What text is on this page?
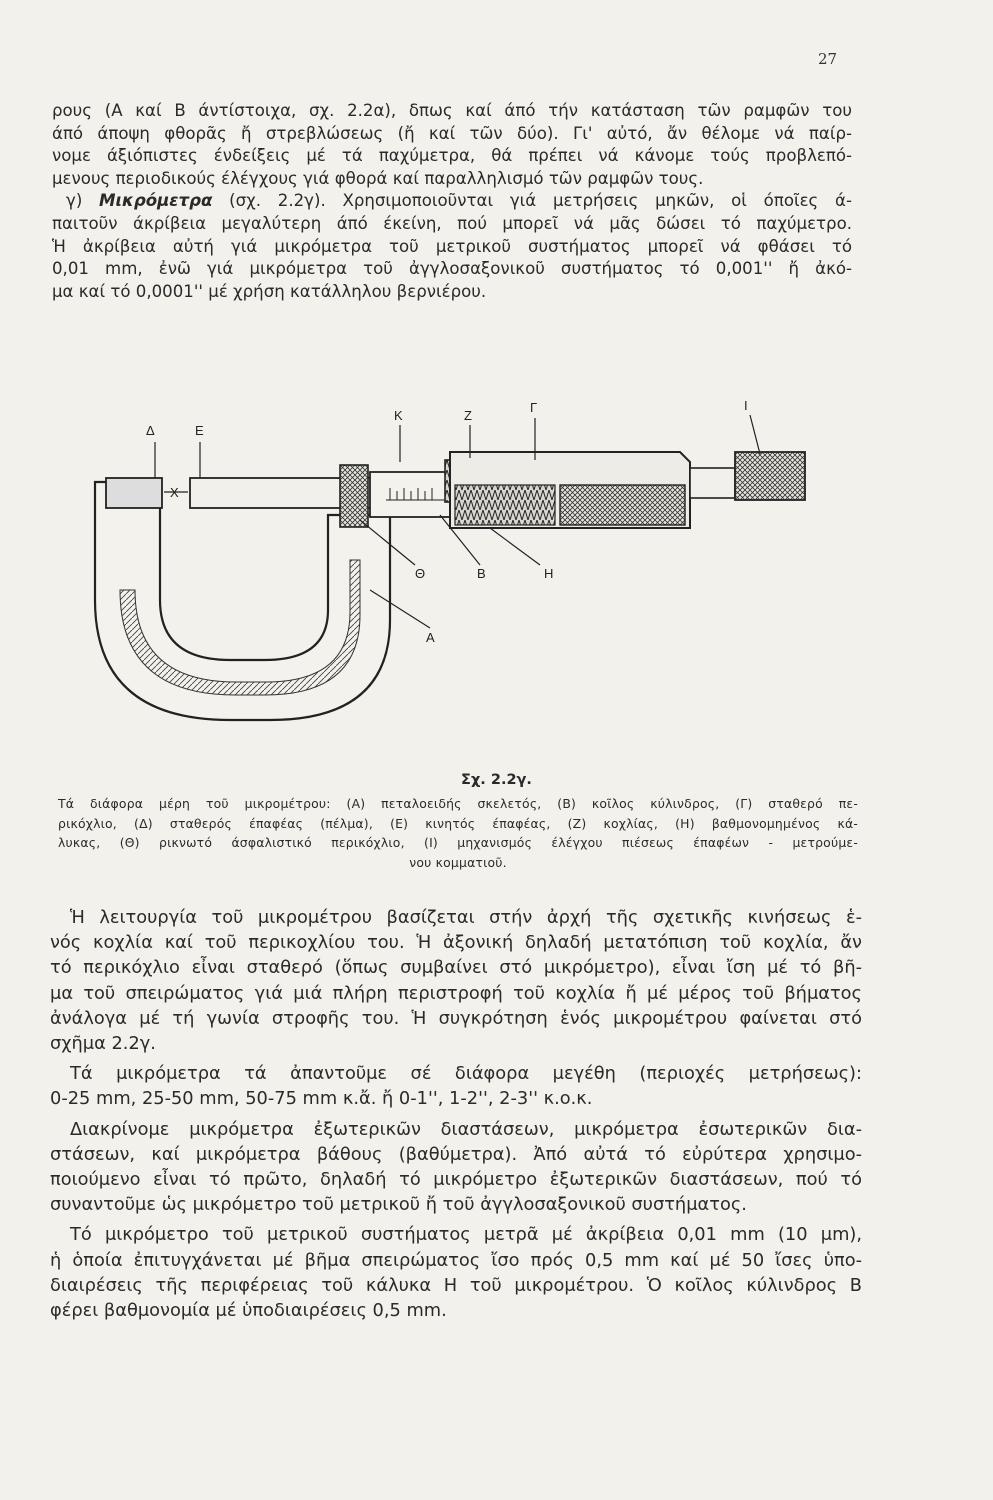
27
ρους (Α καί Β άντίστοιχα, σχ. 2.2α), δπως καί άπό τήν κατάσταση τῶν ραμφῶν του
άπό άποψη φθορᾶς ἤ στρεβλώσεως (ἤ καί τῶν δύο). Γι' αὐτό, ἄν θέλομε νά παίρ-
νομε άξιόπιστες ένδείξεις μέ τά παχύμετρα, θά πρέπει νά κάνομε τούς προβλεπό-
μενους περιοδικούς έλέγχους γιά φθορά καί παραλληλισμό τῶν ραμφῶν τους.
γ) Μικρόμετρα (σχ. 2.2γ). Χρησιμοποιοῦνται γιά μετρήσεις μηκῶν, οἱ όποῖες ά-
παιτοῦν άκρίβεια μεγαλύτερη άπό έκείνη, πού μπορεῖ νά μᾶς δώσει τό παχύμετρο.
Ἡ ἀκρίβεια αὐτή γιά μικρόμετρα τοῦ μετρικοῦ συστήματος μπορεῖ νά φθάσει τό
0,01 mm, ἐνῶ γιά μικρόμετρα τοῦ ἀγγλοσαξονικοῦ συστήματος τό 0,001'' ἤ ἀκό-
μα καί τό 0,0001'' μέ χρήση κατάλληλου βερνιέρου.
Δ	Ε
Χ
Κ	Ζ
Γ	Ι
Θ	Β	Η
Α

Σχ. 2.2γ.

Τά διάφορα μέρη τοῦ μικρομέτρου: (Α) πεταλοειδής σκελετός, (Β) κοῖλος κύλινδρος, (Γ) σταθερό πε-
ρικόχλιο, (Δ) σταθερός έπαφέας (πέλμα), (Ε) κινητός έπαφέας, (Ζ) κοχλίας, (Η) βαθμονομημένος κά-
λυκας, (Θ) ρικνωτό άσφαλιστικό περικόχλιο, (Ι) μηχανισμός έλέγχου πιέσεως έπαφέων - μετρούμε-
νου κομματιοῦ.
Ἡ λειτουργία τοῦ μικρομέτρου βασίζεται στήν ἀρχή τῆς σχετικῆς κινήσεως ἑ-
νός κοχλία καί τοῦ περικοχλίου του. Ἡ ἀξονική δηλαδή μετατόπιση τοῦ κοχλία, ἄν
τό περικόχλιο εἶναι σταθερό (ὅπως συμβαίνει στό μικρόμετρο), εἶναι ἴση μέ τό βῆ-
μα τοῦ σπειρώματος γιά μιά πλήρη περιστροφή τοῦ κοχλία ἤ μέ μέρος τοῦ βήματος
ἀνάλογα μέ τή γωνία στροφῆς του. Ἡ συγκρότηση ἑνός μικρομέτρου φαίνεται στό
σχῆμα 2.2γ.
Τά μικρόμετρα τά ἀπαντοῦμε σέ διάφορα μεγέθη (περιοχές μετρήσεως):
0-25 mm, 25-50 mm, 50-75 mm κ.ἄ. ἤ 0-1'', 1-2'', 2-3'' κ.ο.κ.
Διακρίνομε μικρόμετρα ἐξωτερικῶν διαστάσεων, μικρόμετρα ἐσωτερικῶν δια-
στάσεων, καί μικρόμετρα βάθους (βαθύμετρα). Ἀπό αὐτά τό εὐρύτερα χρησιμο-
ποιούμενο εἶναι τό πρῶτο, δηλαδή τό μικρόμετρο ἐξωτερικῶν διαστάσεων, πού τό
συναντοῦμε ὡς μικρόμετρο τοῦ μετρικοῦ ἤ τοῦ ἀγγλοσαξονικοῦ συστήματος.
Τό μικρόμετρο τοῦ μετρικοῦ συστήματος μετρᾶ μέ ἀκρίβεια 0,01 mm (10 μm),
ἡ ὁποία ἐπιτυγχάνεται μέ βῆμα σπειρώματος ἴσο πρός 0,5 mm καί μέ 50 ἴσες ὑπο-
διαιρέσεις τῆς περιφέρειας τοῦ κάλυκα Η τοῦ μικρομέτρου. Ὁ κοῖλος κύλινδρος Β
φέρει βαθμονομία μέ ὑποδιαιρέσεις 0,5 mm.
